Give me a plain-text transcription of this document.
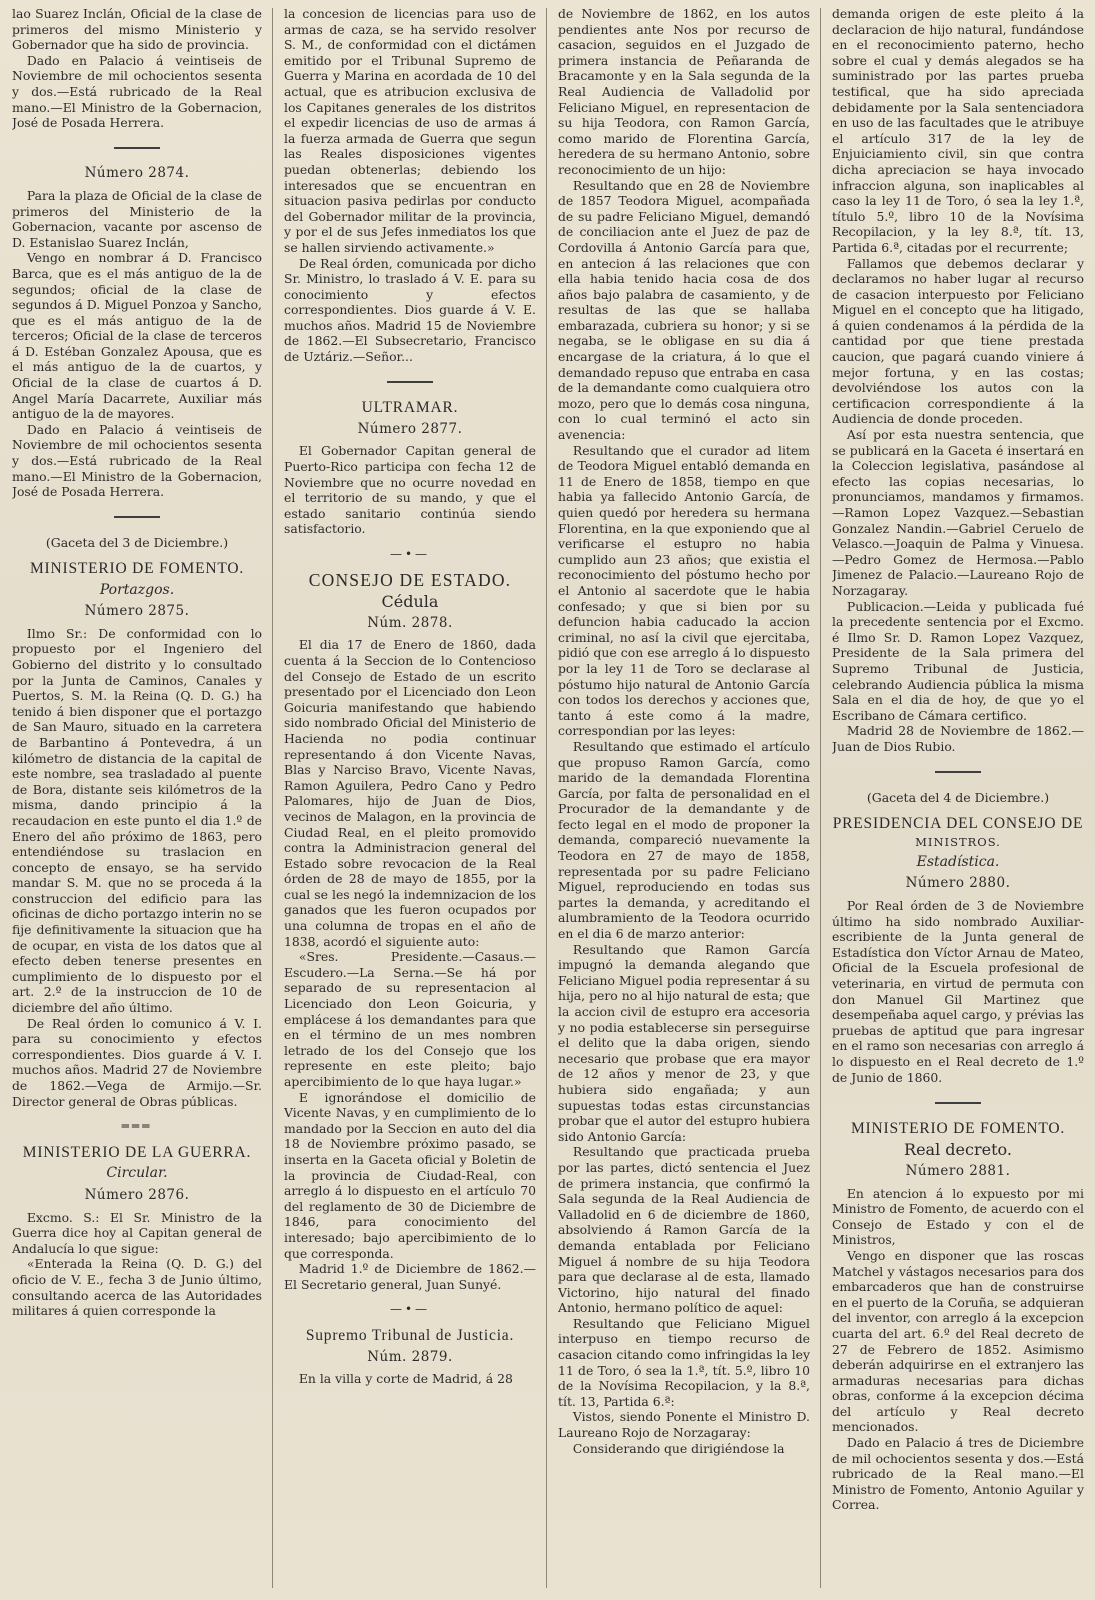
lao Suarez Inclán, Oficial de la clase de primeros del mismo Ministerio y Gobernador que ha sido de provincia.

Dado en Palacio á veintiseis de Noviembre de mil ochocientos sesenta y dos.—Está rubricado de la Real mano.—El Ministro de la Gobernacion, José de Posada Herrera.

Número 2874.

Para la plaza de Oficial de la clase de primeros del Ministerio de la Gobernacion, vacante por ascenso de D. Estanislao Suarez Inclán,

Vengo en nombrar á D. Francisco Barca, que es el más antiguo de la de segundos; oficial de la clase de segundos á D. Miguel Ponzoa y Sancho, que es el más antiguo de la de terceros; Oficial de la clase de terceros á D. Estéban Gonzalez Apousa, que es el más antiguo de la de cuartos, y Oficial de la clase de cuartos á D. Angel María Dacarrete, Auxiliar más antiguo de la de mayores.

Dado en Palacio á veintiseis de Noviembre de mil ochocientos sesenta y dos.—Está rubricado de la Real mano.—El Ministro de la Gobernacion, José de Posada Herrera.

(Gaceta del 3 de Diciembre.)
MINISTERIO DE FOMENTO.
Portazgos.
Número 2875.

Ilmo Sr.: De conformidad con lo propuesto por el Ingeniero del Gobierno del distrito y lo consultado por la Junta de Caminos, Canales y Puertos, S. M. la Reina (Q. D. G.) ha tenido á bien disponer que el portazgo de San Mauro, situado en la carretera de Barbantino á Pontevedra, á un kilómetro de distancia de la capital de este nombre, sea trasladado al puente de Bora, distante seis kilómetros de la misma, dando principio á la recaudacion en este punto el dia 1.º de Enero del año próximo de 1863, pero entendiéndose su traslacion en concepto de ensayo, se ha servido mandar S. M. que no se proceda á la construccion del edificio para las oficinas de dicho portazgo interin no se fije definitivamente la situacion que ha de ocupar, en vista de los datos que al efecto deben tenerse presentes en cumplimiento de lo dispuesto por el art. 2.º de la instruccion de 10 de diciembre del año último.

De Real órden lo comunico á V. I. para su conocimiento y efectos correspondientes. Dios guarde á V. I. muchos años. Madrid 27 de Noviembre de 1862.—Vega de Armijo.—Sr. Director general de Obras públicas.

═══
MINISTERIO DE LA GUERRA.
Circular.
Número 2876.

Excmo. S.: El Sr. Ministro de la Guerra dice hoy al Capitan general de Andalucía lo que sigue:

«Enterada la Reina (Q. D. G.) del oficio de V. E., fecha 3 de Junio último, consultando acerca de las Autoridades militares á quien corresponde la

la concesion de licencias para uso de armas de caza, se ha servido resolver S. M., de conformidad con el dictámen emitido por el Tribunal Supremo de Guerra y Marina en acordada de 10 del actual, que es atribucion exclusiva de los Capitanes generales de los distritos el expedir licencias de uso de armas á la fuerza armada de Guerra que segun las Reales disposiciones vigentes puedan obtenerlas; debiendo los interesados que se encuentran en situacion pasiva pedirlas por conducto del Gobernador militar de la provincia, y por el de sus Jefes inmediatos los que se hallen sirviendo activamente.»

De Real órden, comunicada por dicho Sr. Ministro, lo traslado á V. E. para su conocimiento y efectos correspondientes. Dios guarde á V. E. muchos años. Madrid 15 de Noviembre de 1862.—El Subsecretario, Francisco de Uztáriz.—Señor...

ULTRAMAR.
Número 2877.

El Gobernador Capitan general de Puerto-Rico participa con fecha 12 de Noviembre que no ocurre novedad en el territorio de su mando, y que el estado sanitario continúa siendo satisfactorio.

—•—
CONSEJO DE ESTADO.
Cédula
Núm. 2878.

El dia 17 de Enero de 1860, dada cuenta á la Seccion de lo Contencioso del Consejo de Estado de un escrito presentado por el Licenciado don Leon Goicuria manifestando que habiendo sido nombrado Oficial del Ministerio de Hacienda no podia continuar representando á don Vicente Navas, Blas y Narciso Bravo, Vicente Navas, Ramon Aguilera, Pedro Cano y Pedro Palomares, hijo de Juan de Dios, vecinos de Malagon, en la provincia de Ciudad Real, en el pleito promovido contra la Administracion general del Estado sobre revocacion de la Real órden de 28 de mayo de 1855, por la cual se les negó la indemnizacion de los ganados que les fueron ocupados por una columna de tropas en el año de 1838, acordó el siguiente auto:

«Sres. Presidente.—Casaus.—Escudero.—La Serna.—Se há por separado de su representacion al Licenciado don Leon Goicuria, y emplácese á los demandantes para que en el término de un mes nombren letrado de los del Consejo que los represente en este pleito; bajo apercibimiento de lo que haya lugar.»

E ignorándose el domicilio de Vicente Navas, y en cumplimiento de lo mandado por la Seccion en auto del dia 18 de Noviembre próximo pasado, se inserta en la Gaceta oficial y Boletin de la provincia de Ciudad-Real, con arreglo á lo dispuesto en el artículo 70 del reglamento de 30 de Diciembre de 1846, para conocimiento del interesado; bajo apercibimiento de lo que corresponda.

Madrid 1.º de Diciembre de 1862.—El Secretario general, Juan Sunyé.

—•—
Supremo Tribunal de Justicia.
Núm. 2879.

En la villa y corte de Madrid, á 28

de Noviembre de 1862, en los autos pendientes ante Nos por recurso de casacion, seguidos en el Juzgado de primera instancia de Peñaranda de Bracamonte y en la Sala segunda de la Real Audiencia de Valladolid por Feliciano Miguel, en representacion de su hija Teodora, con Ramon García, como marido de Florentina García, heredera de su hermano Antonio, sobre reconocimiento de un hijo:

Resultando que en 28 de Noviembre de 1857 Teodora Miguel, acompañada de su padre Feliciano Miguel, demandó de conciliacion ante el Juez de paz de Cordovilla á Antonio García para que, en antecion á las relaciones que con ella habia tenido hacia cosa de dos años bajo palabra de casamiento, y de resultas de las que se hallaba embarazada, cubriera su honor; y si se negaba, se le obligase en su dia á encargase de la criatura, á lo que el demandado repuso que entraba en casa de la demandante como cualquiera otro mozo, pero que lo demás cosa ninguna, con lo cual terminó el acto sin avenencia:

Resultando que el curador ad litem de Teodora Miguel entabló demanda en 11 de Enero de 1858, tiempo en que habia ya fallecido Antonio García, de quien quedó por heredera su hermana Florentina, en la que exponiendo que al verificarse el estupro no habia cumplido aun 23 años; que existia el reconocimiento del póstumo hecho por el Antonio al sacerdote que le habia confesado; y que si bien por su defuncion habia caducado la accion criminal, no así la civil que ejercitaba, pidió que con ese arreglo á lo dispuesto por la ley 11 de Toro se declarase al póstumo hijo natural de Antonio García con todos los derechos y acciones que, tanto á este como á la madre, correspondian por las leyes:

Resultando que estimado el artículo que propuso Ramon García, como marido de la demandada Florentina García, por falta de personalidad en el Procurador de la demandante y de fecto legal en el modo de proponer la demanda, compareció nuevamente la Teodora en 27 de mayo de 1858, representada por su padre Feliciano Miguel, reproduciendo en todas sus partes la demanda, y acreditando el alumbramiento de la Teodora ocurrido en el dia 6 de marzo anterior:

Resultando que Ramon García impugnó la demanda alegando que Feliciano Miguel podia representar á su hija, pero no al hijo natural de esta; que la accion civil de estupro era accesoria y no podia establecerse sin perseguirse el delito que la daba origen, siendo necesario que probase que era mayor de 12 años y menor de 23, y que hubiera sido engañada; y aun supuestas todas estas circunstancias probar que el autor del estupro hubiera sido Antonio García:

Resultando que practicada prueba por las partes, dictó sentencia el Juez de primera instancia, que confirmó la Sala segunda de la Real Audiencia de Valladolid en 6 de diciembre de 1860, absolviendo á Ramon García de la demanda entablada por Feliciano Miguel á nombre de su hija Teodora para que declarase al de esta, llamado Victorino, hijo natural del finado Antonio, hermano político de aquel:

Resultando que Feliciano Miguel interpuso en tiempo recurso de casacion citando como infringidas la ley 11 de Toro, ó sea la 1.ª, tít. 5.º, libro 10 de la Novísima Recopilacion, y la 8.ª, tít. 13, Partida 6.ª:

Vistos, siendo Ponente el Ministro D. Laureano Rojo de Norzagaray:

Considerando que dirigiéndose la

demanda origen de este pleito á la declaracion de hijo natural, fundándose en el reconocimiento paterno, hecho sobre el cual y demás alegados se ha suministrado por las partes prueba testifical, que ha sido apreciada debidamente por la Sala sentenciadora en uso de las facultades que le atribuye el artículo 317 de la ley de Enjuiciamiento civil, sin que contra dicha apreciacion se haya invocado infraccion alguna, son inaplicables al caso la ley 11 de Toro, ó sea la ley 1.ª, título 5.º, libro 10 de la Novísima Recopilacion, y la ley 8.ª, tít. 13, Partida 6.ª, citadas por el recurrente;

Fallamos que debemos declarar y declaramos no haber lugar al recurso de casacion interpuesto por Feliciano Miguel en el concepto que ha litigado, á quien condenamos á la pérdida de la cantidad por que tiene prestada caucion, que pagará cuando viniere á mejor fortuna, y en las costas; devolviéndose los autos con la certificacion correspondiente á la Audiencia de donde proceden.

Así por esta nuestra sentencia, que se publicará en la Gaceta é insertará en la Coleccion legislativa, pasándose al efecto las copias necesarias, lo pronunciamos, mandamos y firmamos.—Ramon Lopez Vazquez.—Sebastian Gonzalez Nandin.—Gabriel Ceruelo de Velasco.—Joaquin de Palma y Vinuesa.—Pedro Gomez de Hermosa.—Pablo Jimenez de Palacio.—Laureano Rojo de Norzagaray.

Publicacion.—Leida y publicada fué la precedente sentencia por el Excmo. é Ilmo Sr. D. Ramon Lopez Vazquez, Presidente de la Sala primera del Supremo Tribunal de Justicia, celebrando Audiencia pública la misma Sala en el dia de hoy, de que yo el Escribano de Cámara certifico.

Madrid 28 de Noviembre de 1862.—Juan de Dios Rubio.

(Gaceta del 4 de Diciembre.)
PRESIDENCIA DEL CONSEJO DE
MINISTROS.
Estadística.
Número 2880.

Por Real órden de 3 de Noviembre último ha sido nombrado Auxiliar-escribiente de la Junta general de Estadística don Víctor Arnau de Mateo, Oficial de la Escuela profesional de veterinaria, en virtud de permuta con don Manuel Gil Martinez que desempeñaba aquel cargo, y prévias las pruebas de aptitud que para ingresar en el ramo son necesarias con arreglo á lo dispuesto en el Real decreto de 1.º de Junio de 1860.

MINISTERIO DE FOMENTO.
Real decreto.
Número 2881.

En atencion á lo expuesto por mi Ministro de Fomento, de acuerdo con el Consejo de Estado y con el de Ministros,

Vengo en disponer que las roscas Matchel y vástagos necesarios para dos embarcaderos que han de construirse en el puerto de la Coruña, se adquieran del inventor, con arreglo á la excepcion cuarta del art. 6.º del Real decreto de 27 de Febrero de 1852. Asimismo deberán adquirirse en el extranjero las armaduras necesarias para dichas obras, conforme á la excepcion décima del artículo y Real decreto mencionados.

Dado en Palacio á tres de Diciembre de mil ochocientos sesenta y dos.—Está rubricado de la Real mano.—El Ministro de Fomento, Antonio Aguilar y Correa.
